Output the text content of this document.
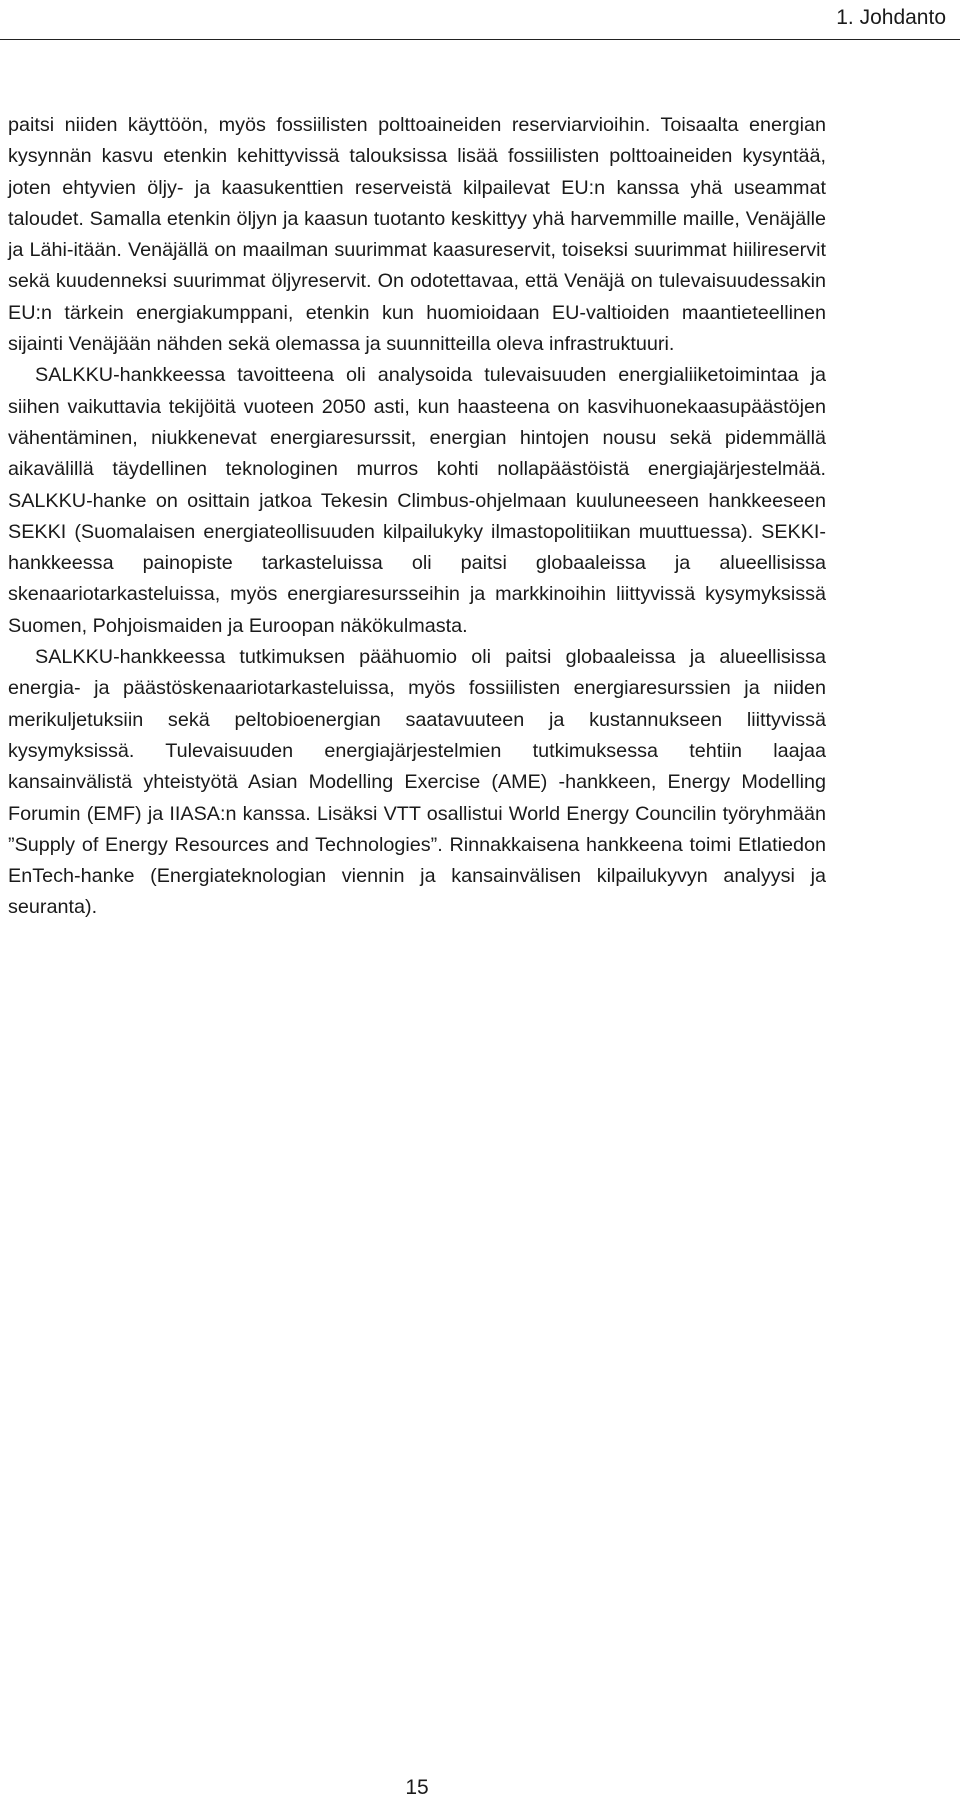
1. Johdanto

paitsi niiden käyttöön, myös fossiilisten polttoaineiden reserviarvioihin. Toisaalta energian kysynnän kasvu etenkin kehittyvissä talouksissa lisää fossiilisten polttoaineiden kysyntää, joten ehtyvien öljy- ja kaasukenttien reserveistä kilpailevat EU:n kanssa yhä useammat taloudet. Samalla etenkin öljyn ja kaasun tuotanto keskittyy yhä harvemmille maille, Venäjälle ja Lähi-itään. Venäjällä on maailman suurimmat kaasureservit, toiseksi suurimmat hiilireservit sekä kuudenneksi suurimmat öljyreservit. On odotettavaa, että Venäjä on tulevaisuudessakin EU:n tärkein energiakumppani, etenkin kun huomioidaan EU-valtioiden maantieteellinen sijainti Venäjään nähden sekä olemassa ja suunnitteilla oleva infrastruktuuri.

SALKKU-hankkeessa tavoitteena oli analysoida tulevaisuuden energialiiketoimintaa ja siihen vaikuttavia tekijöitä vuoteen 2050 asti, kun haasteena on kasvihuonekaasupäästöjen vähentäminen, niukkenevat energiaresurssit, energian hintojen nousu sekä pidemmällä aikavälillä täydellinen teknologinen murros kohti nollapäästöistä energiajärjestelmää. SALKKU-hanke on osittain jatkoa Tekesin Climbus-ohjelmaan kuuluneeseen hankkeeseen SEKKI (Suomalaisen energiateollisuuden kilpailukyky ilmastopolitiikan muuttuessa). SEKKI-hankkeessa painopiste tarkasteluissa oli paitsi globaaleissa ja alueellisissa skenaariotarkasteluissa, myös energiaresursseihin ja markkinoihin liittyvissä kysymyksissä Suomen, Pohjoismaiden ja Euroopan näkökulmasta.

SALKKU-hankkeessa tutkimuksen päähuomio oli paitsi globaaleissa ja alueellisissa energia- ja päästöskenaariotarkasteluissa, myös fossiilisten energiaresurssien ja niiden merikuljetuksiin sekä peltobioenergian saatavuuteen ja kustannukseen liittyvissä kysymyksissä. Tulevaisuuden energiajärjestelmien tutkimuksessa tehtiin laajaa kansainvälistä yhteistyötä Asian Modelling Exercise (AME) -hankkeen, Energy Modelling Forumin (EMF) ja IIASA:n kanssa. Lisäksi VTT osallistui World Energy Councilin työryhmään ”Supply of Energy Resources and Technologies”. Rinnakkaisena hankkeena toimi Etlatiedon EnTech-hanke (Energiateknologian viennin ja kansainvälisen kilpailukyvyn analyysi ja seuranta).

15
